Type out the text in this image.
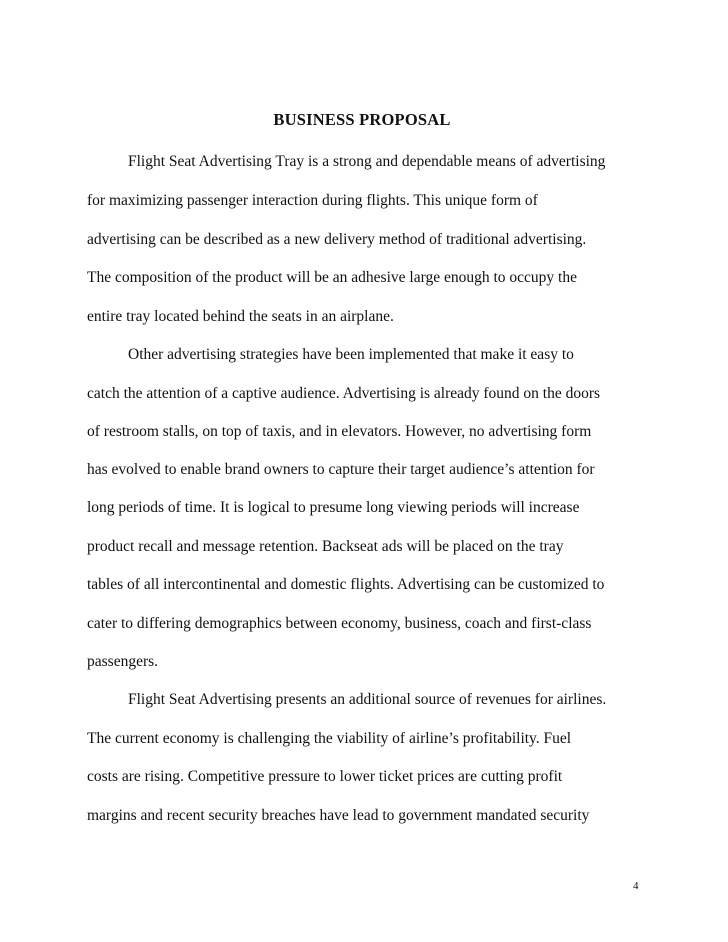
BUSINESS PROPOSAL

Flight Seat Advertising Tray is a strong and dependable means of advertising

for maximizing passenger interaction during flights. This unique form of

advertising can be described as a new delivery method of traditional advertising.

The composition of the product will be an adhesive large enough to occupy the

entire tray located behind the seats in an airplane.

Other advertising strategies have been implemented that make it easy to

catch the attention of a captive audience. Advertising is already found on the doors

of restroom stalls, on top of taxis, and in elevators. However, no advertising form

has evolved to enable brand owners to capture their target audience’s attention for

long periods of time. It is logical to presume long viewing periods will increase

product recall and message retention. Backseat ads will be placed on the tray

tables of all intercontinental and domestic flights. Advertising can be customized to

cater to differing demographics between economy, business, coach and first-class

passengers.

Flight Seat Advertising presents an additional source of revenues for airlines.

The current economy is challenging the viability of airline’s profitability. Fuel

costs are rising. Competitive pressure to lower ticket prices are cutting profit

margins and recent security breaches have lead to government mandated security

4
